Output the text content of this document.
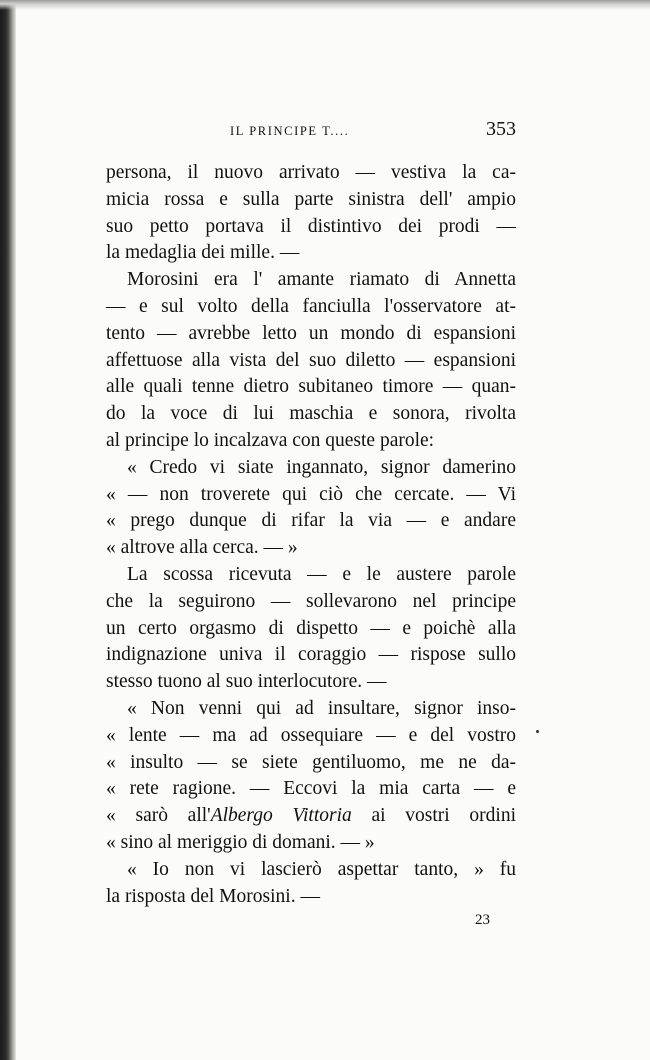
IL PRINCIPE T....	353
persona, il nuovo arrivato — vestiva la ca-
micia rossa e sulla parte sinistra dell' ampio
suo petto portava il distintivo dei prodi —
la medaglia dei mille. —
Morosini era l' amante riamato di Annetta
— e sul volto della fanciulla l'osservatore at-
tento — avrebbe letto un mondo di espansioni
affettuose alla vista del suo diletto — espansioni
alle quali tenne dietro subitaneo timore — quan-
do la voce di lui maschia e sonora, rivolta
al principe lo incalzava con queste parole:
« Credo vi siate ingannato, signor damerino
« — non troverete qui ciò che cercate. — Vi
« prego dunque di rifar la via — e andare
« altrove alla cerca. — »
La scossa ricevuta — e le austere parole
che la seguirono — sollevarono nel principe
un certo orgasmo di dispetto — e poichè alla
indignazione univa il coraggio — rispose sullo
stesso tuono al suo interlocutore. —
« Non venni qui ad insultare, signor inso-
« lente — ma ad ossequiare — e del vostro
« insulto — se siete gentiluomo, me ne da-
« rete ragione. — Eccovi la mia carta — e
« sarò all'Albergo Vittoria ai vostri ordini
« sino al meriggio di domani. — »
« Io non vi lascierò aspettar tanto, » fu
la risposta del Morosini. —
23
